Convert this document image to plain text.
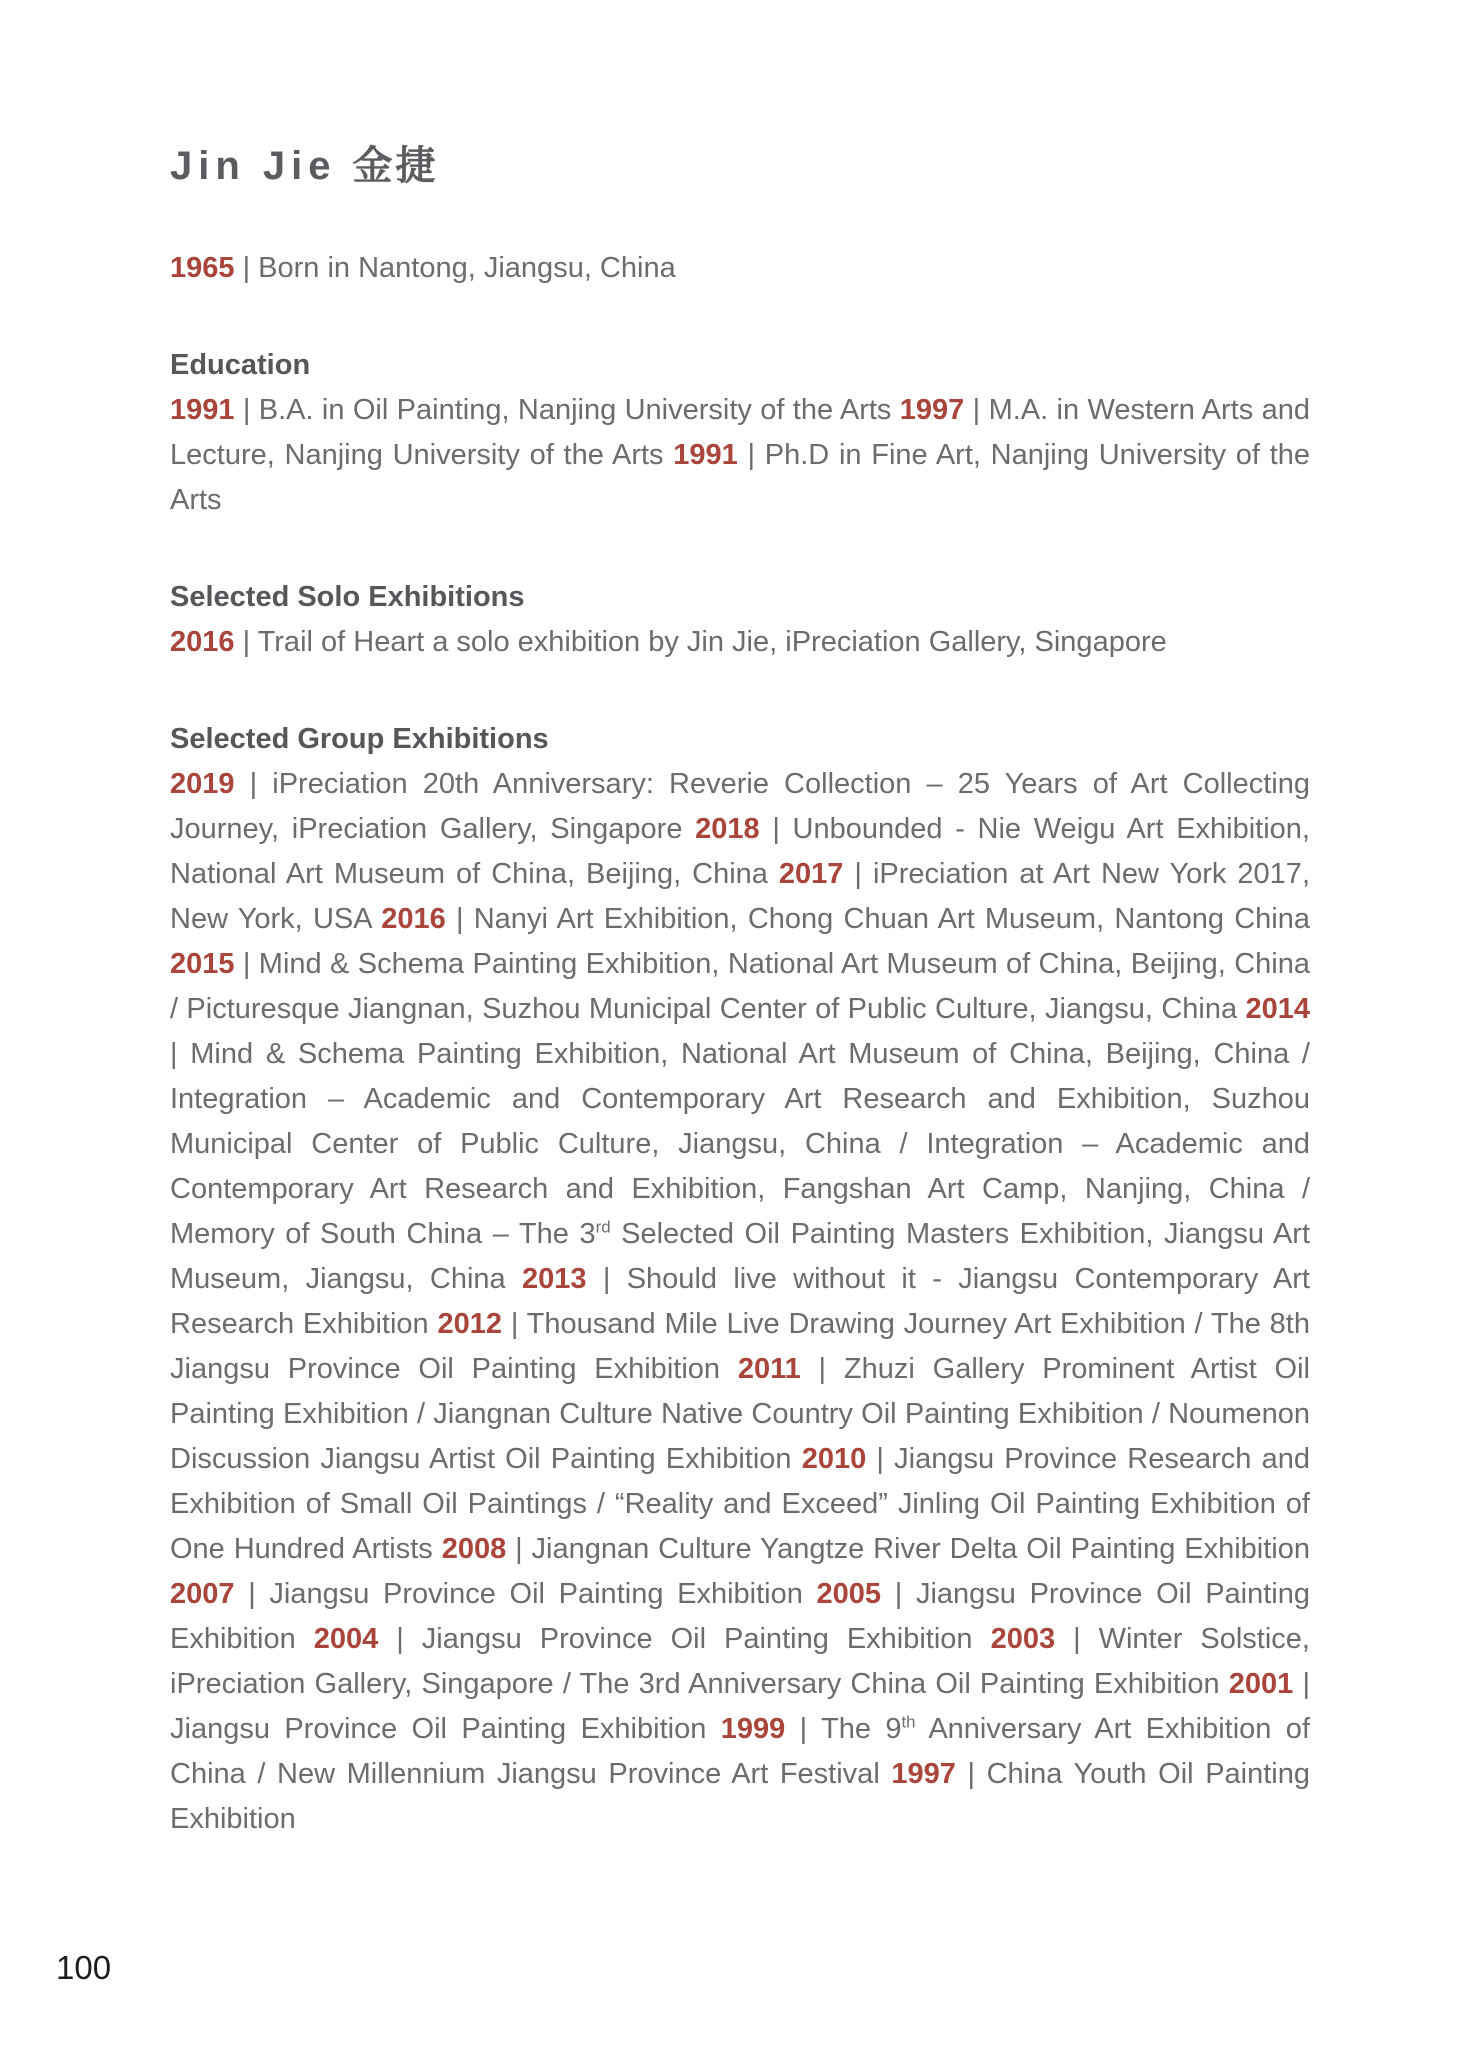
Jin Jie 金捷

1965 | Born in Nantong, Jiangsu, China

Education

1991 | B.A. in Oil Painting, Nanjing University of the Arts 1997 | M.A. in Western Arts and Lecture, Nanjing University of the Arts 1991 | Ph.D in Fine Art, Nanjing University of the Arts

Selected Solo Exhibitions

2016 | Trail of Heart a solo exhibition by Jin Jie, iPreciation Gallery, Singapore

Selected Group Exhibitions

2019 | iPreciation 20th Anniversary: Reverie Collection – 25 Years of Art Collecting Journey, iPreciation Gallery, Singapore 2018 | Unbounded - Nie Weigu Art Exhibition, National Art Museum of China, Beijing, China 2017 | iPreciation at Art New York 2017, New York, USA 2016 | Nanyi Art Exhibition, Chong Chuan Art Museum, Nantong China 2015 | Mind & Schema Painting Exhibition, National Art Museum of China, Beijing, China / Picturesque Jiangnan, Suzhou Municipal Center of Public Culture, Jiangsu, China 2014 | Mind & Schema Painting Exhibition, National Art Museum of China, Beijing, China / Integration – Academic and Contemporary Art Research and Exhibition, Suzhou Municipal Center of Public Culture, Jiangsu, China / Integration – Academic and Contemporary Art Research and Exhibition, Fangshan Art Camp, Nanjing, China / Memory of South China – The 3rd Selected Oil Painting Masters Exhibition, Jiangsu Art Museum, Jiangsu, China 2013 | Should live without it - Jiangsu Contemporary Art Research Exhibition 2012 | Thousand Mile Live Drawing Journey Art Exhibition / The 8th Jiangsu Province Oil Painting Exhibition 2011 | Zhuzi Gallery Prominent Artist Oil Painting Exhibition / Jiangnan Culture Native Country Oil Painting Exhibition / Noumenon Discussion Jiangsu Artist Oil Painting Exhibition 2010 | Jiangsu Province Research and Exhibition of Small Oil Paintings / “Reality and Exceed” Jinling Oil Painting Exhibition of One Hundred Artists 2008 | Jiangnan Culture Yangtze River Delta Oil Painting Exhibition 2007 | Jiangsu Province Oil Painting Exhibition 2005 | Jiangsu Province Oil Painting Exhibition 2004 | Jiangsu Province Oil Painting Exhibition 2003 | Winter Solstice, iPreciation Gallery, Singapore / The 3rd Anniversary China Oil Painting Exhibition 2001 | Jiangsu Province Oil Painting Exhibition 1999 | The 9th Anniversary Art Exhibition of China / New Millennium Jiangsu Province Art Festival 1997 | China Youth Oil Painting Exhibition

100
